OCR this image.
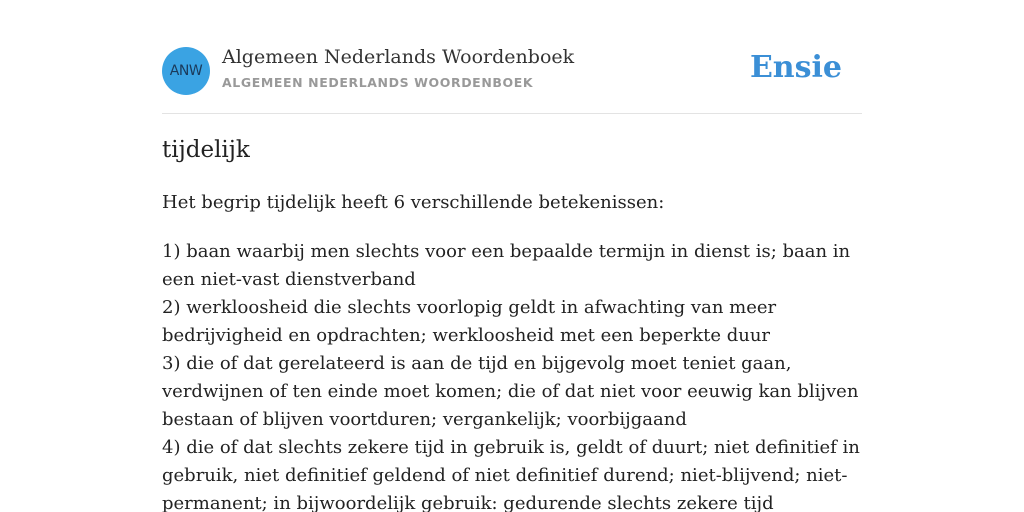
ANW
Algemeen Nederlands Woordenboek
ALGEMEEN NEDERLANDS WOORDENBOEK	Ensie
tijdelijk
Het begrip tijdelijk heeft 6 verschillende betekenissen:
1) baan waarbij men slechts voor een bepaalde termijn in dienst is; baan in een niet-vast dienstverband
2) werkloosheid die slechts voorlopig geldt in afwachting van meer bedrijvigheid en opdrachten; werkloosheid met een beperkte duur
3) die of dat gerelateerd is aan de tijd en bijgevolg moet teniet gaan, verdwijnen of ten einde moet komen; die of dat niet voor eeuwig kan blijven bestaan of blijven voortduren; vergankelijk; voorbijgaand
4) die of dat slechts zekere tijd in gebruik is, geldt of duurt; niet definitief in gebruik, niet definitief geldend of niet definitief durend; niet-blijvend; niet-permanent; in bijwoordelijk gebruik: gedurende slechts zekere tijd
